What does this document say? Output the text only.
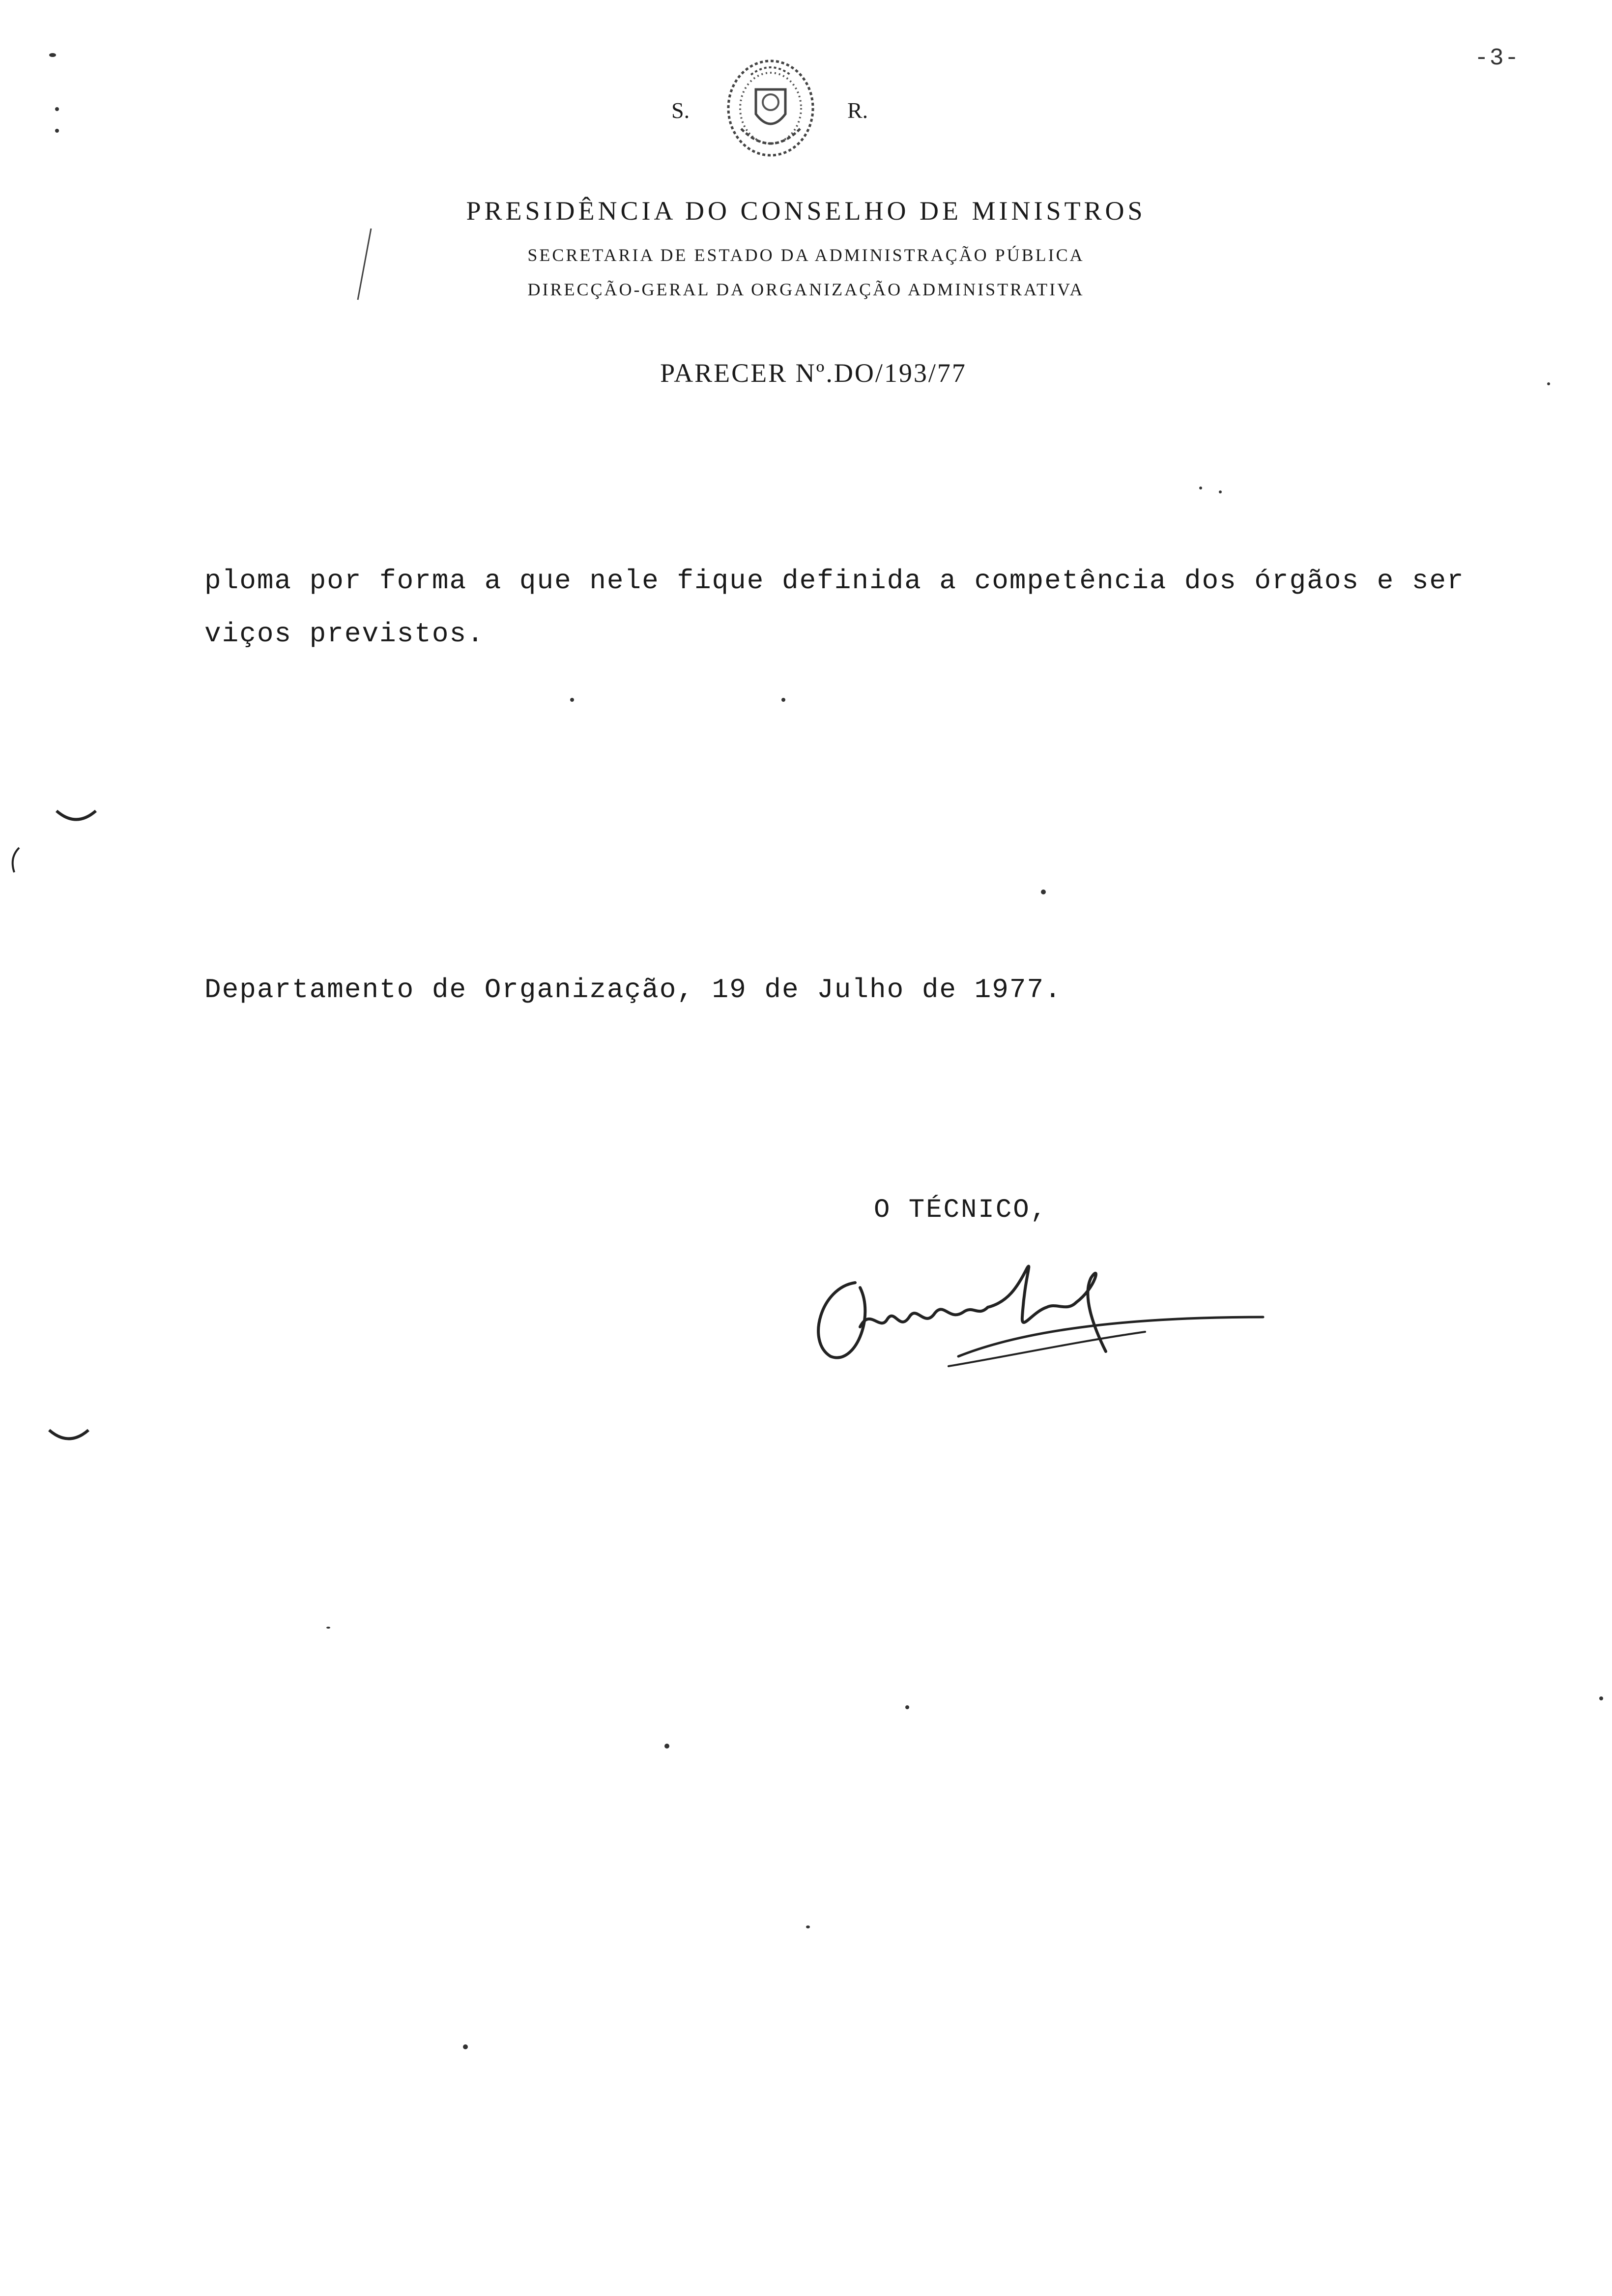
-3-
S.	R.
PRESIDÊNCIA DO CONSELHO DE MINISTROS
SECRETARIA DE ESTADO DA ADMINISTRAÇÃO PÚBLICA
DIRECÇÃO-GERAL DA ORGANIZAÇÃO ADMINISTRATIVA
PARECER Nº.DO/193/77
ploma por forma a que nele fique definida a competência dos órgãos e ser
viços previstos.
Departamento de Organização, 19 de Julho de 1977.
O TÉCNICO,
